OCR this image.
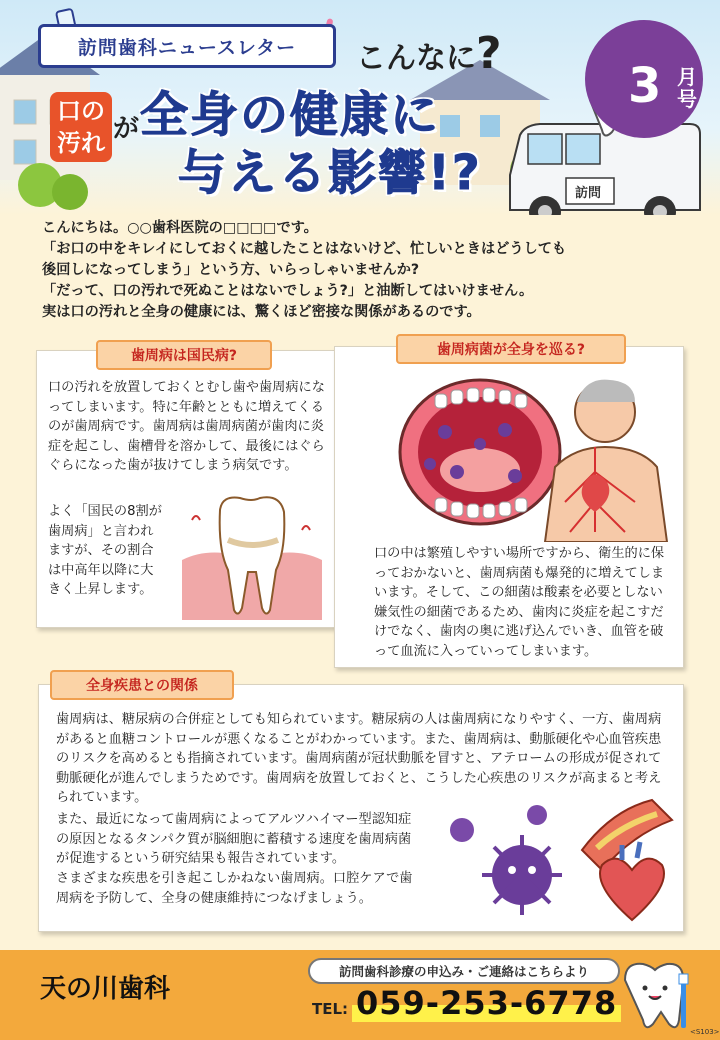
訪問歯科ニュースレター こんなに?
3 月号
口の
汚れ が 全身の健康に
与える影響!?	訪問
こんにちは。○○歯科医院の□□□□です。
「お口の中をキレイにしておくに越したことはないけど、忙しいときはどうしても
後回しになってしまう」という方、いらっしゃいませんか?
「だって、口の汚れで死ぬことはないでしょう?」と油断してはいけません。
実は口の汚れと全身の健康には、驚くほど密接な関係があるのです。
歯周病は国民病?
口の汚れを放置しておくとむし歯や歯周病になってしまいます。特に年齢とともに増えてくるのが歯周病です。歯周病は歯周病菌が歯肉に炎症を起こし、歯槽骨を溶かして、最後にはぐらぐらになった歯が抜けてしまう病気です。
よく「国民の8割が歯周病」と言われますが、その割合は中高年以降に大きく上昇します。
歯周病菌が全身を巡る?
口の中は繁殖しやすい場所ですから、衛生的に保っておかないと、歯周病菌も爆発的に増えてしまいます。そして、この細菌は酸素を必要としない嫌気性の細菌であるため、歯肉に炎症を起こすだけでなく、歯肉の奥に逃げ込んでいき、血管を破って血流に入っていってしまいます。
全身疾患との関係
歯周病は、糖尿病の合併症としても知られています。糖尿病の人は歯周病になりやすく、一方、歯周病があると血糖コントロールが悪くなることがわかっています。また、歯周病は、動脈硬化や心血管疾患のリスクを高めるとも指摘されています。歯周病菌が冠状動脈を冒すと、アテロームの形成が促されて動脈硬化が進んでしまうためです。歯周病を放置しておくと、こうした心疾患のリスクが高まると考えられています。
また、最近になって歯周病によってアルツハイマー型認知症の原因となるタンパク質が脳細胞に蓄積する速度を歯周病菌が促進するという研究結果も報告されています。
さまざまな疾患を引き起こしかねない歯周病。口腔ケアで歯周病を予防して、全身の健康維持につなげましょう。
天の川歯科
訪問歯科診療の申込み・ご連絡はこちらより
TEL: 059-253-6778
<S103>
